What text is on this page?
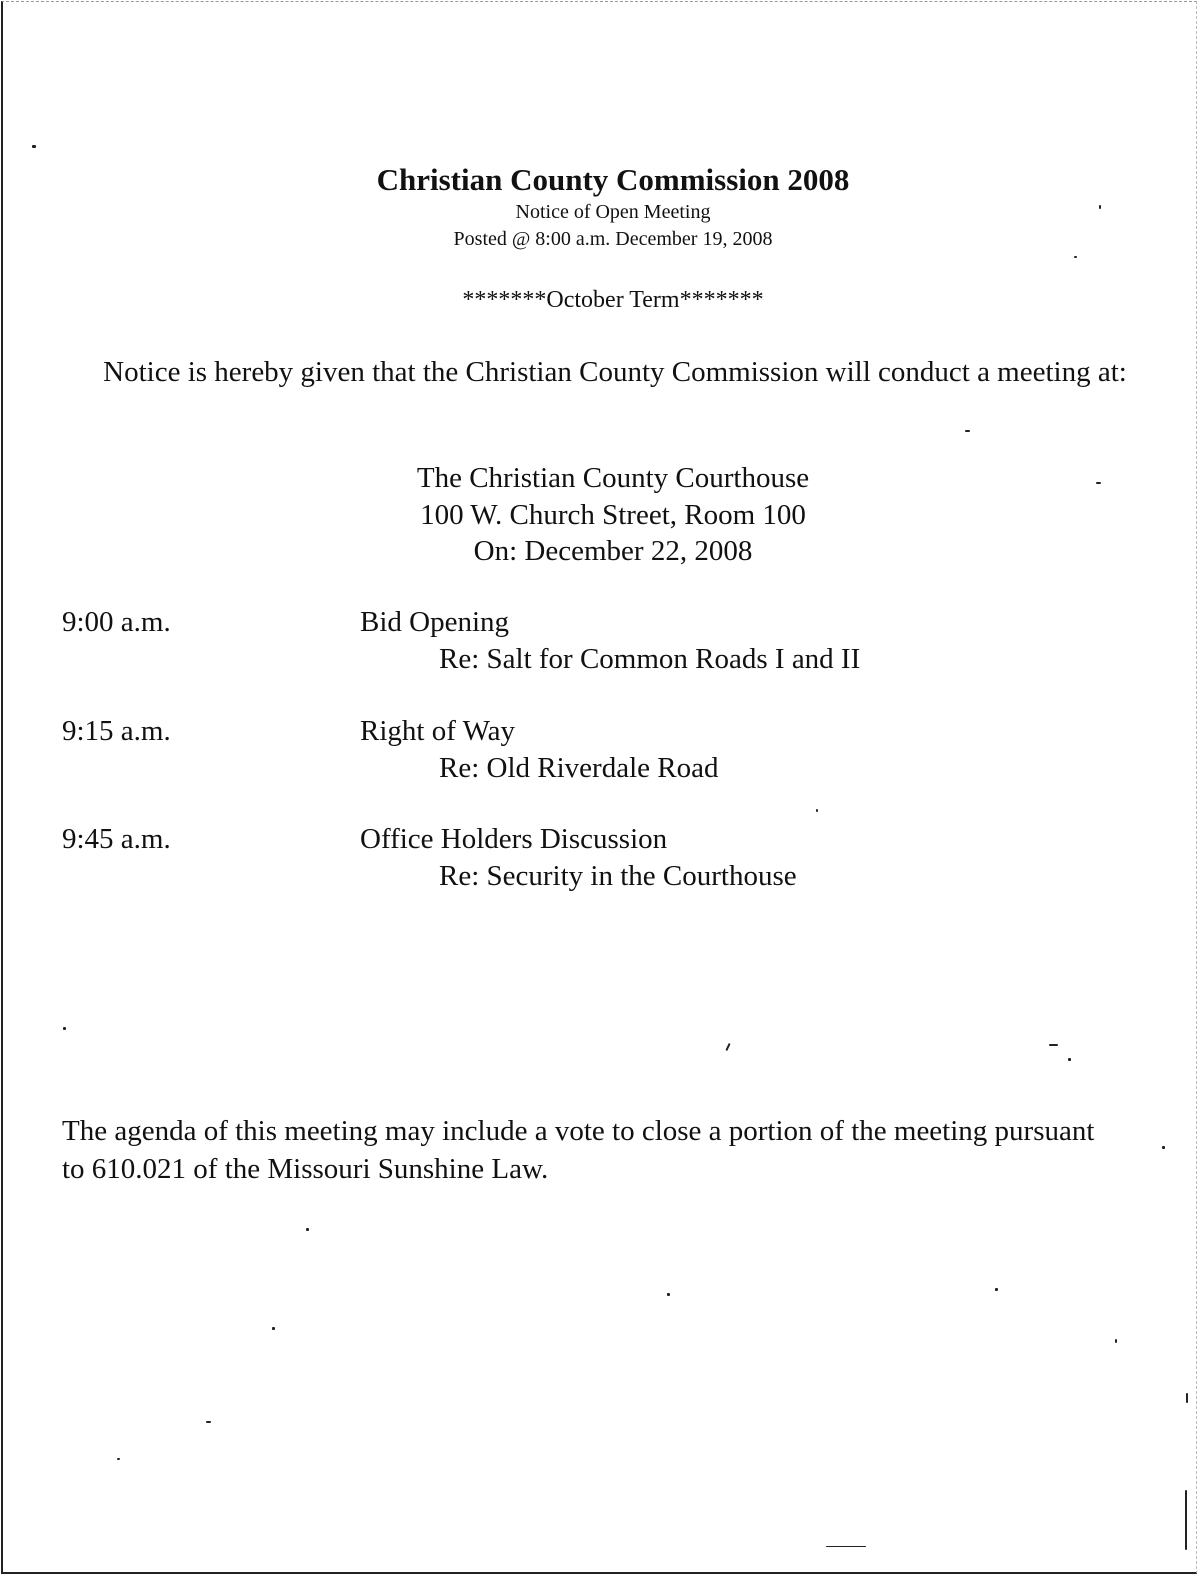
Christian County Commission 2008
Notice of Open Meeting
Posted @ 8:00 a.m. December 19, 2008
*******October Term*******
Notice is hereby given that the Christian County Commission will conduct a meeting at:
The Christian County Courthouse
100 W. Church Street, Room 100
On: December 22, 2008
9:00 a.m.	Bid Opening
Re: Salt for Common Roads I and II
9:15 a.m.	Right of Way
Re: Old Riverdale Road
9:45 a.m.	Office Holders Discussion
Re: Security in the Courthouse
The agenda of this meeting may include a vote to close a portion of the meeting pursuant to 610.021 of the Missouri Sunshine Law.
